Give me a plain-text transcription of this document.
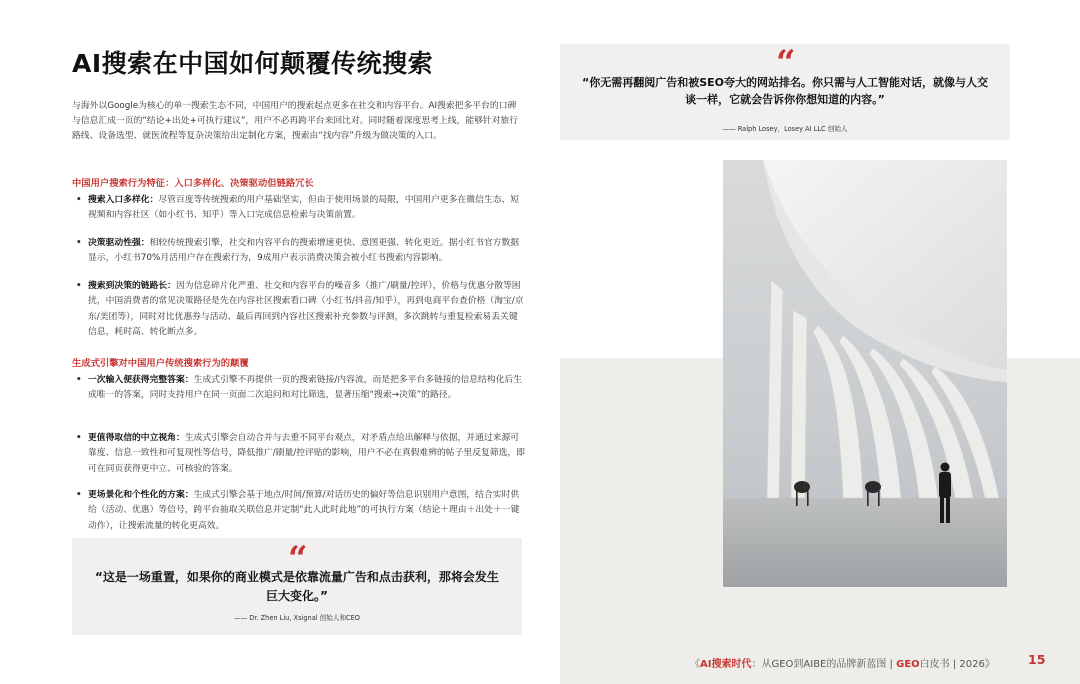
AI搜索在中国如何颠覆传统搜索

与海外以Google为核心的单一搜索生态不同，中国用户的搜索起点更多在社交和内容平台。AI搜索把多平台的口碑与信息汇成一页的“结论+出处+可执行建议”，用户不必再跨平台来回比对。同时随着深度思考上线，能够针对旅行路线、设备选型、就医流程等复杂决策给出定制化方案，搜索由“找内容”升级为做决策的入口。

中国用户搜索行为特征：入口多样化、决策驱动但链路冗长
• 搜索入口多样化：尽管百度等传统搜索的用户基础坚实，但由于使用场景的局限，中国用户更多在微信生态、短视频和内容社区（如小红书、知乎）等入口完成信息检索与决策前置。
• 决策驱动性强：相较传统搜索引擎，社交和内容平台的搜索增速更快、意图更强、转化更近。据小红书官方数据显示，小红书70%月活用户存在搜索行为，9成用户表示消费决策会被小红书搜索内容影响。
• 搜索到决策的链路长：因为信息碎片化严重、社交和内容平台的噪音多（推广/刷量/控评），价格与优惠分散等困扰，中国消费者的常见决策路径是先在内容社区搜索看口碑（小红书/抖音/知乎），再到电商平台查价格（淘宝/京东/美团等），同时对比优惠券与活动、最后再回到内容社区搜索补充参数与评测，多次跳转与重复检索易丢关键信息，耗时高、转化断点多。
生成式引擎对中国用户传统搜索行为的颠覆
• 一次输入便获得完整答案：生成式引擎不再提供一页的搜索链接/内容流，而是把多平台多链接的信息结构化后生成唯一的答案，同时支持用户在同一页面二次追问和对比筛选，显著压缩“搜索→决策”的路径。
• 更值得取信的中立视角：生成式引擎会自动合并与去重不同平台观点，对矛盾点给出解释与依据，并通过来源可靠度、信息一致性和可复现性等信号，降低推广/刷量/控评贴的影响，用户不必在真假难辨的帖子里反复筛选，即可在同页获得更中立、可核验的答案。
• 更场景化和个性化的方案：生成式引擎会基于地点/时间/预算/对话历史的偏好等信息识别用户意图，结合实时供给（活动、优惠）等信号，跨平台抽取关联信息并定制“此人此时此地”的可执行方案（结论＋理由＋出处＋一键动作），让搜索流量的转化更高效。
“
“这是一场重置，如果你的商业模式是依靠流量广告和点击获利，那将会发生巨大变化。”
—— Dr. Zhen Liu, Xsignal 创始人和CEO
“
“你无需再翻阅广告和被SEO夸大的网站排名。你只需与人工智能对话，就像与人交谈一样，它就会告诉你你想知道的内容。”
—— Ralph Losey，Losey AI LLC 创始人
《AI搜索时代：从GEO到AIBE的品牌新蓝图 | GEO白皮书 | 2026》	15
